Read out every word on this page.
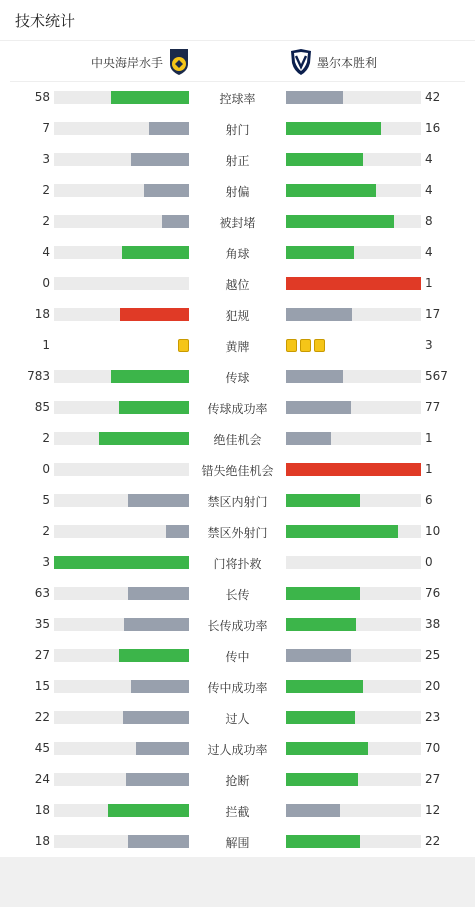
技术统计
中央海岸水手	墨尔本胜利
58	控球率	42
7	射门	16
3	射正	4
2	射偏	4
2	被封堵	8
4	角球	4
0	越位	1
18	犯规	17
1	黄牌	3
783	传球	567
85	传球成功率	77
2	绝佳机会	1
0	错失绝佳机会	1
5	禁区内射门	6
2	禁区外射门	10
3	门将扑救	0
63	长传	76
35	长传成功率	38
27	传中	25
15	传中成功率	20
22	过人	23
45	过人成功率	70
24	抢断	27
18	拦截	12
18	解围	22
